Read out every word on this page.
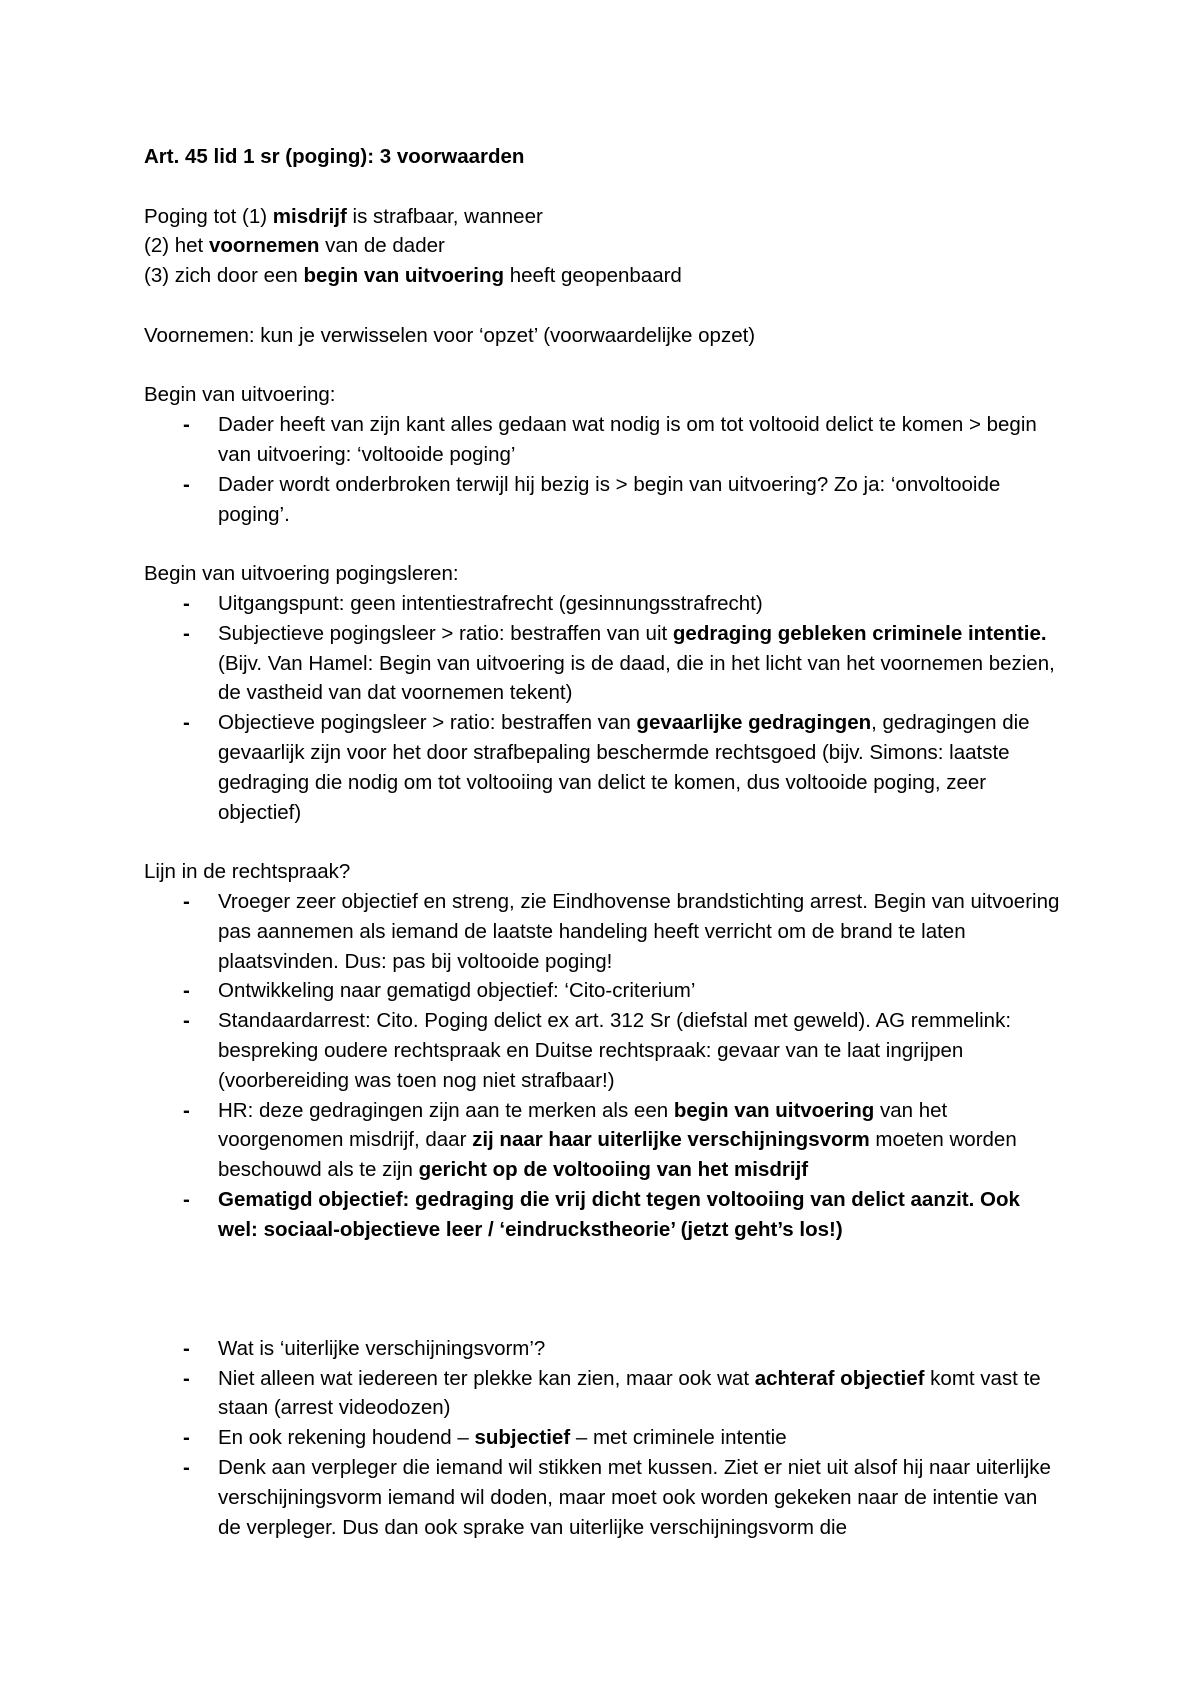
Art. 45 lid 1 sr (poging): 3 voorwaarden

Poging tot (1) misdrijf is strafbaar, wanneer

(2) het voornemen van de dader

(3) zich door een begin van uitvoering heeft geopenbaard

Voornemen: kun je verwisselen voor ‘opzet’ (voorwaardelijke opzet)

Begin van uitvoering:

- Dader heeft van zijn kant alles gedaan wat nodig is om tot voltooid delict te komen > begin van uitvoering: ‘voltooide poging’
- Dader wordt onderbroken terwijl hij bezig is > begin van uitvoering? Zo ja: ‘onvoltooide poging’.

Begin van uitvoering pogingsleren:

- Uitgangspunt: geen intentiestrafrecht (gesinnungsstrafrecht)
- Subjectieve pogingsleer > ratio: bestraffen van uit gedraging gebleken criminele intentie. (Bijv. Van Hamel: Begin van uitvoering is de daad, die in het licht van het voornemen bezien, de vastheid van dat voornemen tekent)
- Objectieve pogingsleer > ratio: bestraffen van gevaarlijke gedragingen, gedragingen die gevaarlijk zijn voor het door strafbepaling beschermde rechtsgoed (bijv. Simons: laatste gedraging die nodig om tot voltooiing van delict te komen, dus voltooide poging, zeer objectief)

Lijn in de rechtspraak?

- Vroeger zeer objectief en streng, zie Eindhovense brandstichting arrest. Begin van uitvoering pas aannemen als iemand de laatste handeling heeft verricht om de brand te laten plaatsvinden. Dus: pas bij voltooide poging!
- Ontwikkeling naar gematigd objectief: ‘Cito-criterium’
- Standaardarrest: Cito. Poging delict ex art. 312 Sr (diefstal met geweld). AG remmelink: bespreking oudere rechtspraak en Duitse rechtspraak: gevaar van te laat ingrijpen (voorbereiding was toen nog niet strafbaar!)
- HR: deze gedragingen zijn aan te merken als een begin van uitvoering van het voorgenomen misdrijf, daar zij naar haar uiterlijke verschijningsvorm moeten worden beschouwd als te zijn gericht op de voltooiing van het misdrijf
- Gematigd objectief: gedraging die vrij dicht tegen voltooiing van delict aanzit. Ook wel: sociaal-objectieve leer / ‘eindruckstheorie’ (jetzt geht’s los!)
- Wat is ‘uiterlijke verschijningsvorm’?
- Niet alleen wat iedereen ter plekke kan zien, maar ook wat achteraf objectief komt vast te staan (arrest videodozen)
- En ook rekening houdend – subjectief – met criminele intentie
- Denk aan verpleger die iemand wil stikken met kussen. Ziet er niet uit alsof hij naar uiterlijke verschijningsvorm iemand wil doden, maar moet ook worden gekeken naar de intentie van de verpleger. Dus dan ook sprake van uiterlijke verschijningsvorm die
